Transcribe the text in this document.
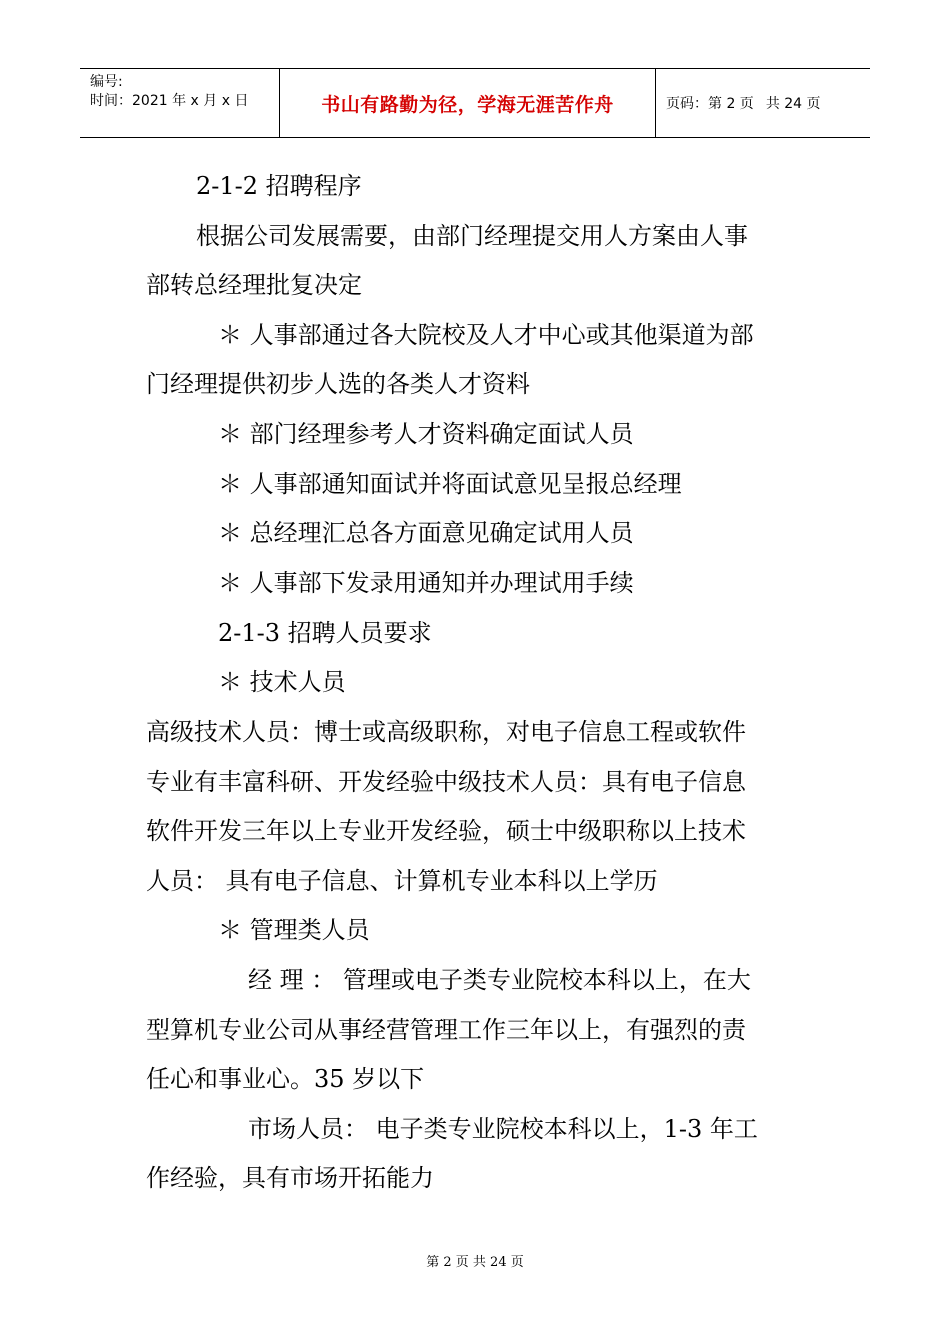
编号:
时间：2021 年 x 月 x 日	书山有路勤为径，学海无涯苦作舟	页码：第 2 页 共 24 页
2-1-2 招聘程序
根据公司发展需要，由部门经理提交用人方案由人事
部转总经理批复决定
＊ 人事部通过各大院校及人才中心或其他渠道为部
门经理提供初步人选的各类人才资料
＊ 部门经理参考人才资料确定面试人员
＊ 人事部通知面试并将面试意见呈报总经理
＊ 总经理汇总各方面意见确定试用人员
＊ 人事部下发录用通知并办理试用手续
2-1-3 招聘人员要求
＊ 技术人员
高级技术人员：博士或高级职称，对电子信息工程或软件
专业有丰富科研、开发经验中级技术人员：具有电子信息
软件开发三年以上专业开发经验，硕士中级职称以上技术
人员： 具有电子信息、计算机专业本科以上学历
＊ 管理类人员
经 理 ： 管理或电子类专业院校本科以上，在大
型算机专业公司从事经营管理工作三年以上，有强烈的责
任心和事业心。35 岁以下
市场人员： 电子类专业院校本科以上，1-3 年工
作经验，具有市场开拓能力
第 2 页 共 24 页
